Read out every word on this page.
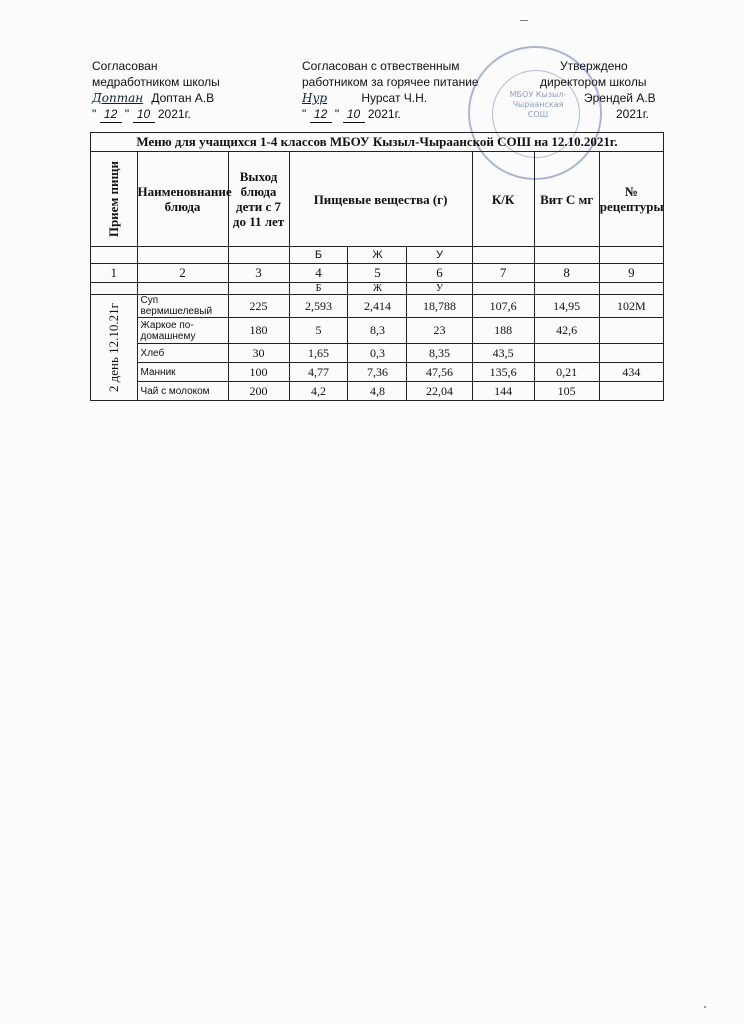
Согласован
медработником школы
Доптан Доптан А.В
" 12 " 10 2021г.
Согласован с отвественным
работником за горячее питание
Нур	Нурсат Ч.Н.
" 12 " 10 2021г.
Утверждено
директором школы
Эрендей А.В
2021г.
МБОУ Кызыл-Чыраанская СОШ
Меню для учащихся 1-4 классов МБОУ Кызыл-Чыраанской СОШ на 12.10.2021г.								

Прием пищи	Наименовнание блюда	Выход блюда дети с 7 до 11 лет	Пищевые вещества (г)			К/К	Вит С мг	№ рецептуры
			Б	Ж	У			
1	2	3	4	5	6	7	8	9
			Б	Ж	У			

2 день 12.10.21г	Суп вермишелевый	225	2,593	2,414	18,788	107,6	14,95	102М
	Жаркое по-домашнему	180	5	8,3	23	188	42,6	
	Хлеб	30	1,65	0,3	8,35	43,5		
	Манник	100	4,77	7,36	47,56	135,6	0,21	434
	Чай с молоком	200	4,2	4,8	22,04	144	105	
